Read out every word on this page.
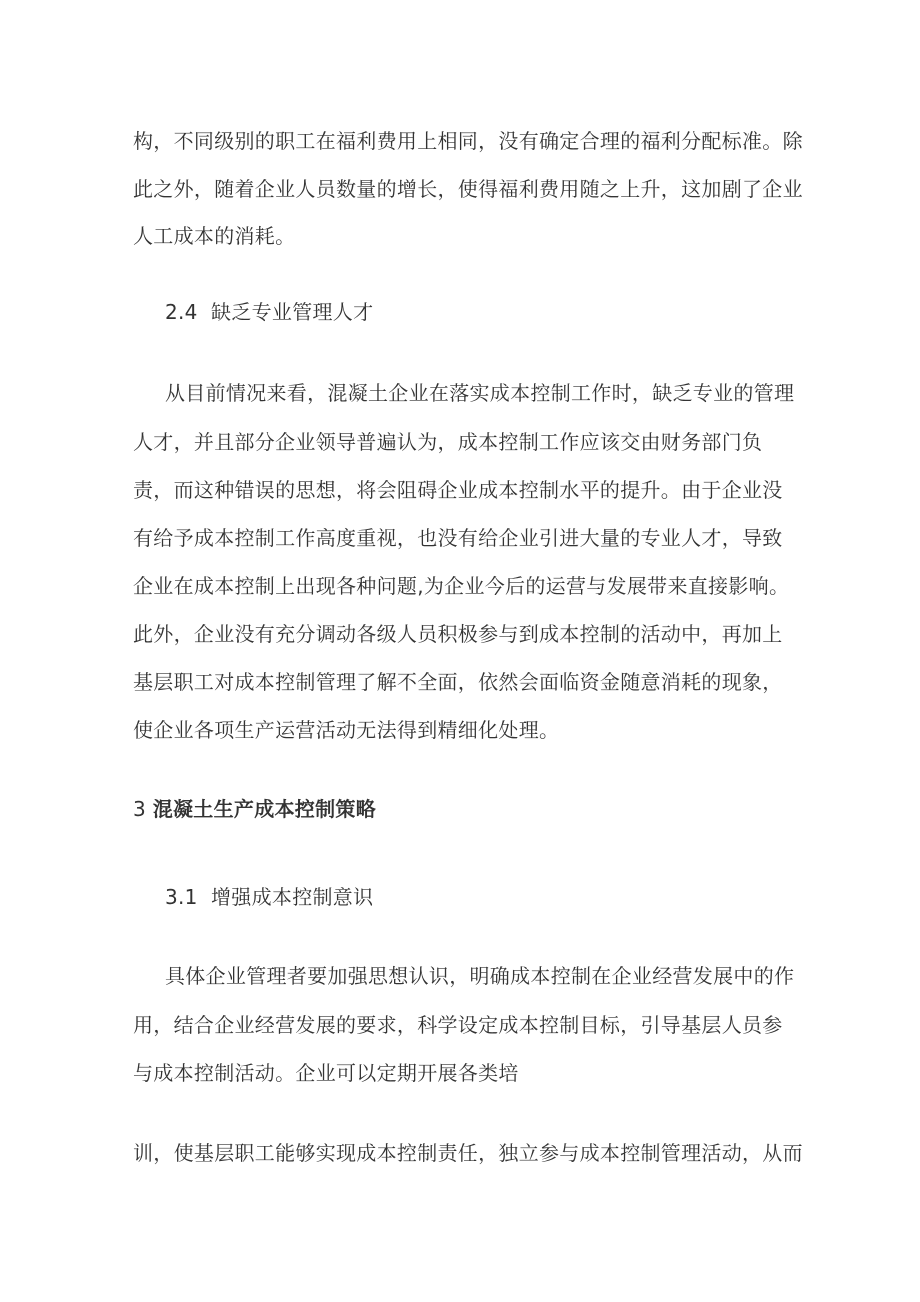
构，不同级别的职工在福利费用上相同，没有确定合理的福利分配标准。除
此之外，随着企业人员数量的增长，使得福利费用随之上升，这加剧了企业
人工成本的消耗。
2.4 缺乏专业管理人才
从目前情况来看，混凝土企业在落实成本控制工作时，缺乏专业的管理
人才，并且部分企业领导普遍认为，成本控制工作应该交由财务部门负
责，而这种错误的思想，将会阻碍企业成本控制水平的提升。由于企业没
有给予成本控制工作高度重视，也没有给企业引进大量的专业人才，导致
企业在成本控制上出现各种问题,为企业今后的运营与发展带来直接影响。
此外，企业没有充分调动各级人员积极参与到成本控制的活动中，再加上
基层职工对成本控制管理了解不全面，依然会面临资金随意消耗的现象，
使企业各项生产运营活动无法得到精细化处理。
3 混凝土生产成本控制策略
3.1 增强成本控制意识
具体企业管理者要加强思想认识，明确成本控制在企业经营发展中的作
用，结合企业经营发展的要求，科学设定成本控制目标，引导基层人员参
与成本控制活动。企业可以定期开展各类培
训，使基层职工能够实现成本控制责任，独立参与成本控制管理活动，从而
